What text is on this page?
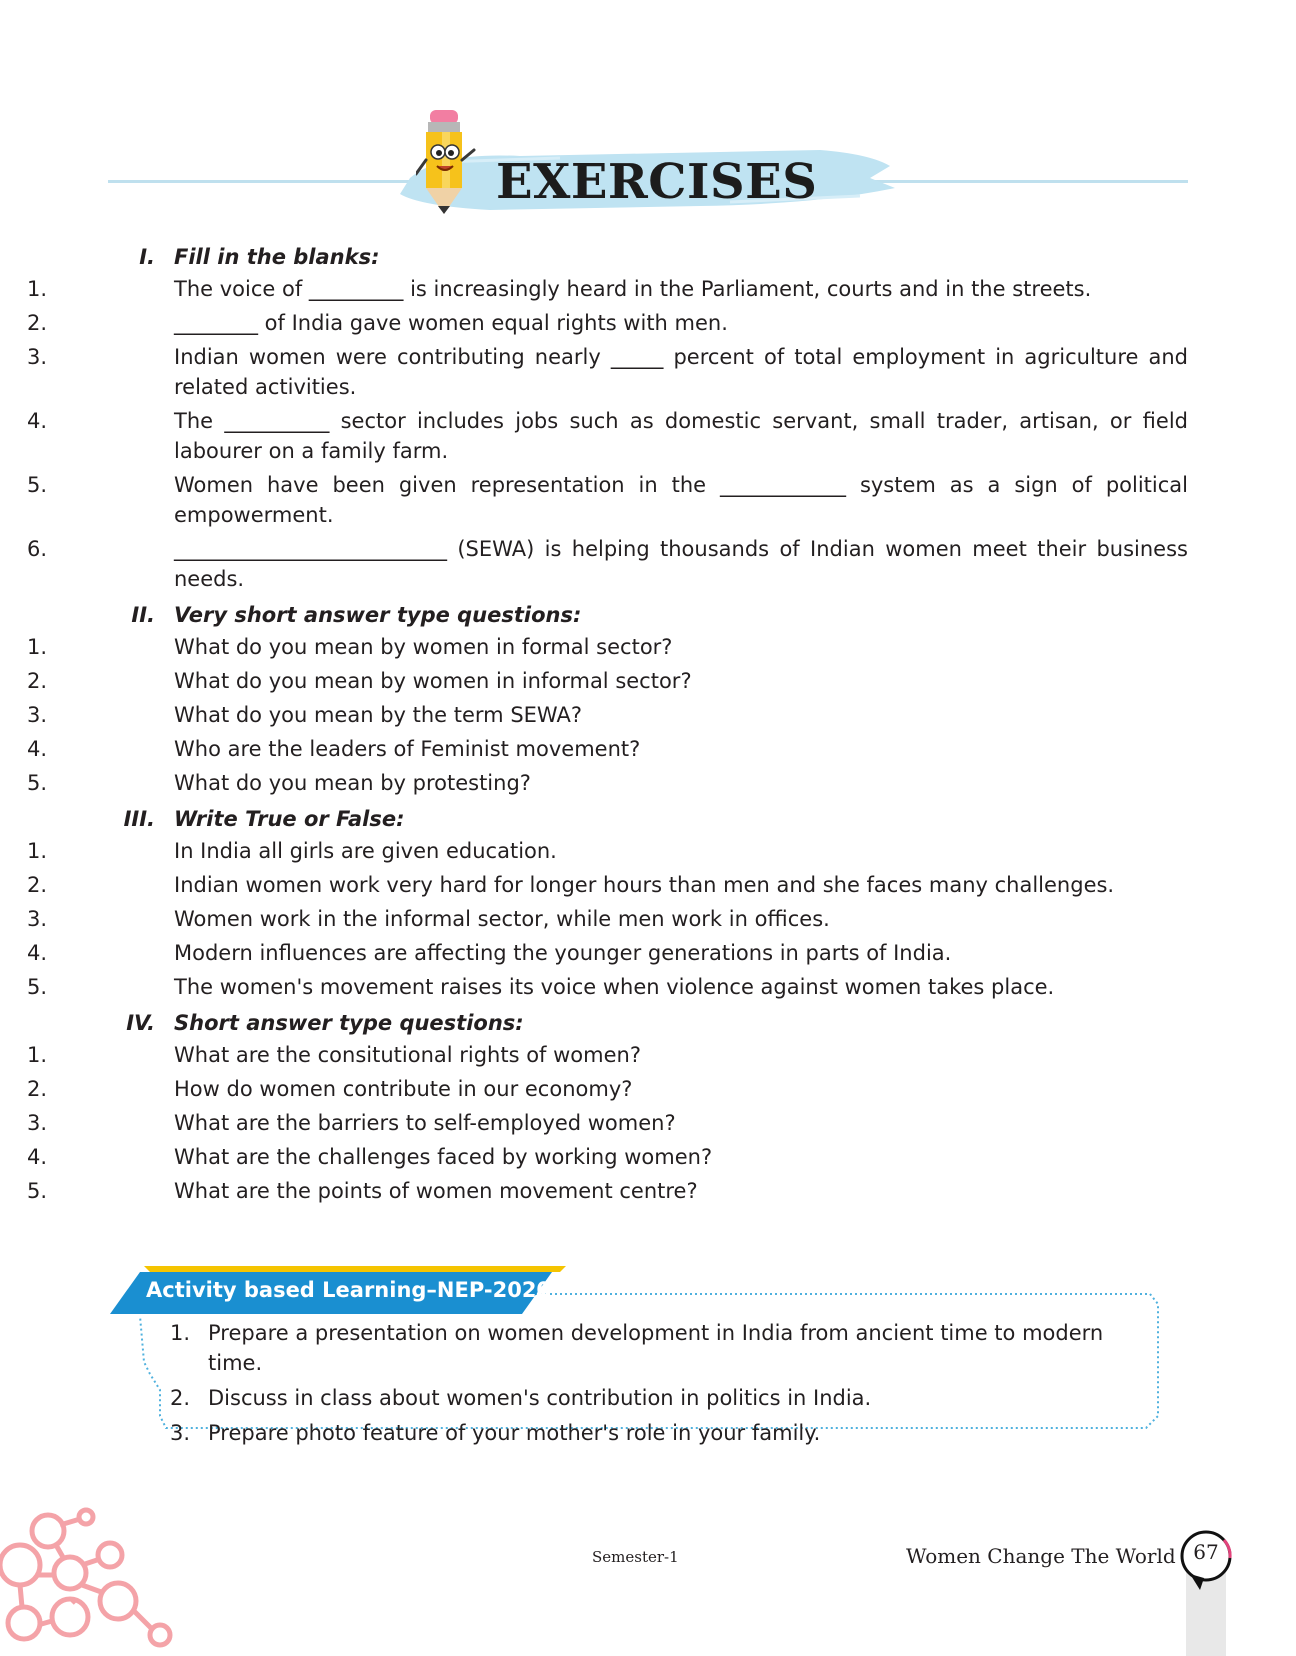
EXERCISES
I. Fill in the blanks:
1.	The voice of _________ is increasingly heard in the Parliament, courts and in the streets.
2.	________ of India gave women equal rights with men.
3.	Indian women were contributing nearly _____ percent of total employment in agriculture and related activities.
4.	The __________ sector includes jobs such as domestic servant, small trader, artisan, or field labourer on a family farm.
5.	Women have been given representation in the ____________ system as a sign of political empowerment.
6.	__________________________ (SEWA) is helping thousands of Indian women meet their business needs.
II. Very short answer type questions:
1.	What do you mean by women in formal sector?
2.	What do you mean by women in informal sector?
3.	What do you mean by the term SEWA?
4.	Who are the leaders of Feminist movement?
5.	What do you mean by protesting?
III. Write True or False:
1.	In India all girls are given education.
2.	Indian women work very hard for longer hours than men and she faces many challenges.
3.	Women work in the informal sector, while men work in offices.
4.	Modern influences are affecting the younger generations in parts of India.
5.	The women's movement raises its voice when violence against women takes place.
IV. Short answer type questions:
1.	What are the consitutional rights of women?
2.	How do women contribute in our economy?
3.	What are the barriers to self-employed women?
4.	What are the challenges faced by working women?
5.	What are the points of women movement centre?
Activity based Learning–NEP-2020
1. Prepare a presentation on women development in India from ancient time to modern time.
2. Discuss in class about women's contribution in politics in India.
3. Prepare photo feature of your mother's role in your family.
Semester-1	Women Change The World 67
